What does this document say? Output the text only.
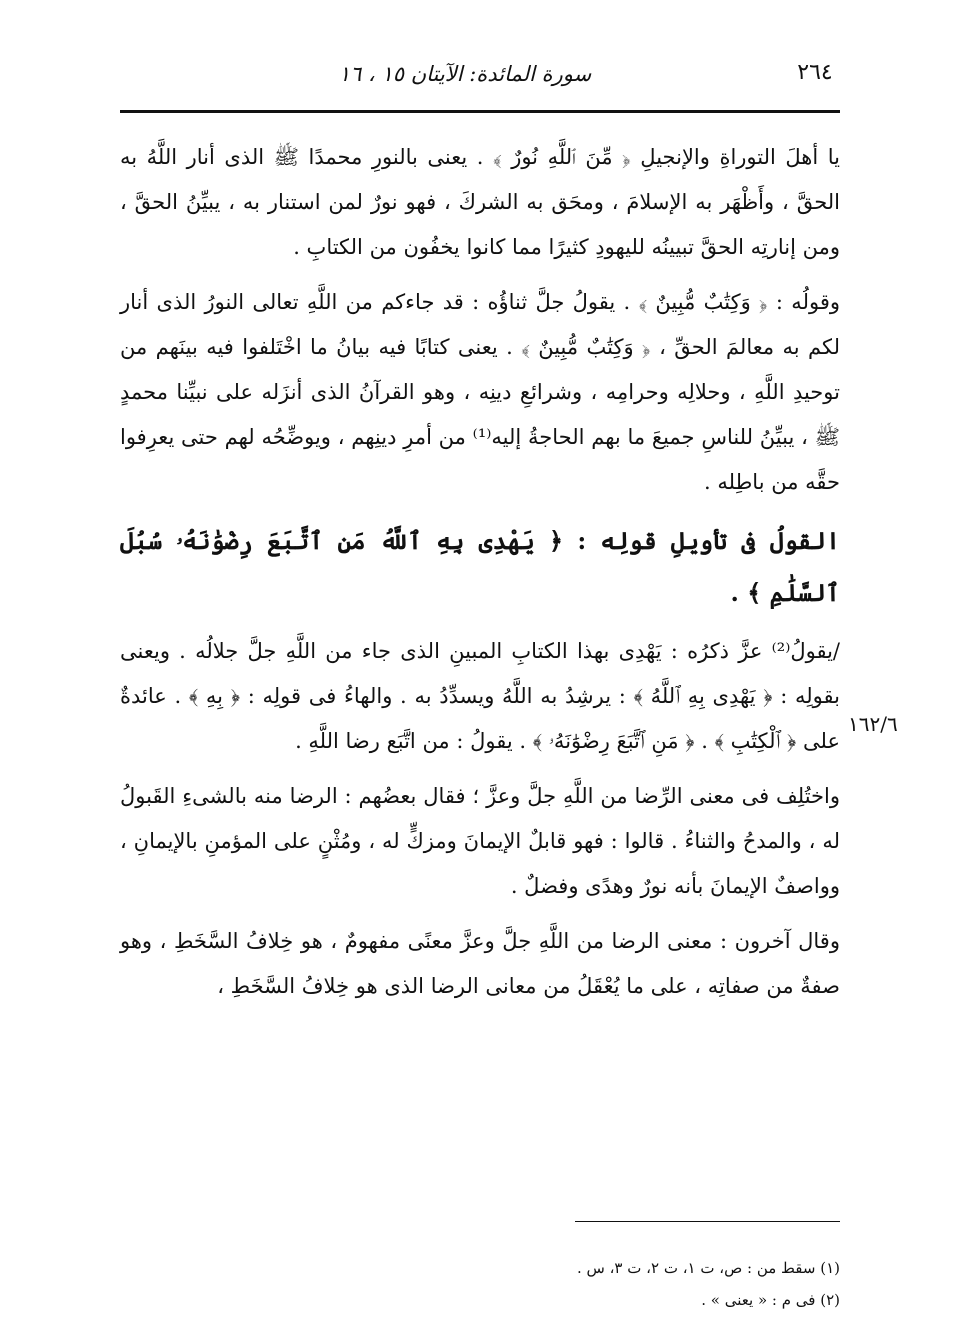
٢٦٤
سورة المائدة: الآيتان ١٥ ، ١٦

يا أهلَ التوراةِ والإنجيلِ ﴿ مِّنَ ٱللَّهِ نُورٌ ﴾ . يعنى بالنورِ محمدًا ﷺ الذى أنار اللَّهُ به الحقَّ ، وأَظْهَر به الإسلامَ ، ومحَق به الشركَ ، فهو نورٌ لمن استنار به ، يبيِّنُ الحقَّ ، ومن إنارتِه الحقَّ تبيينُه لليهودِ كثيرًا مما كانوا يخفُون من الكتابِ .

وقولُه : ﴿ وَكِتَٰبٌ مُّبِينٌ ﴾ . يقولُ جلَّ ثناؤُه : قد جاءكم من اللَّهِ تعالى النورُ الذى أنار لكم به معالمَ الحقِّ ، ﴿ وَكِتَٰبٌ مُّبِينٌ ﴾ . يعنى كتابًا فيه بيانُ ما اخْتَلفوا فيه بينَهم من توحيدِ اللَّهِ ، وحلالِه وحرامِه ، وشرائعِ دينِه ، وهو القرآنُ الذى أنزَله على نبيِّنا محمدٍ ﷺ ، يبيِّنُ للناسِ جميعَ ما بهم الحاجةُ إليه⁽¹⁾ من أمرِ دينِهم ، ويوضِّحُه لهم حتى يعرِفوا حقَّه من باطِله .

القولُ فى تأويلِ قولِه : ﴿ يَهْدِى بِهِ ٱللَّهُ مَنِ ٱتَّبَعَ رِضْوَٰنَهُۥ سُبُلَ ٱلسَّلَٰمِ ﴾ .

/يقولُ⁽²⁾ عزَّ ذكرُه : يَهْدِى بهذا الكتابِ المبينِ الذى جاء من اللَّهِ جلَّ جلالُه . ويعنى بقولِه : ﴿ يَهْدِى بِهِ ٱللَّهُ ﴾ : يرشِدُ به اللَّهُ ويسدِّدُ به . والهاءُ فى قولِه : ﴿ بِهِ ﴾ . عائدةٌ على ﴿ ٱلْكِتَٰبِ ﴾ . ﴿ مَنِ ٱتَّبَعَ رِضْوَٰنَهُۥ ﴾ . يقولُ : من اتَّبَع رضا اللَّهِ .

واختُلِف فى معنى الرِّضا من اللَّهِ جلَّ وعزَّ ؛ فقال بعضُهم : الرضا منه بالشىءِ القَبولُ له ، والمدحُ والثناءُ . قالوا : فهو قابلٌ الإيمانَ ومزكٍّ له ، ومُثْنٍ على المؤمنِ بالإيمانِ ، وواصفٌ الإيمانَ بأنه نورٌ وهدًى وفضلٌ .

وقال آخرون : معنى الرضا من اللَّهِ جلَّ وعزَّ معنًى مفهومٌ ، هو خِلافُ السَّخَطِ ، وهو صفةٌ من صفاتِه ، على ما يُعْقَلُ من معانى الرضا الذى هو خِلافُ السَّخَطِ ،

١٦٢/٦
(١) سقط من : ص، ت ١، ت ٢، ت ٣، س .
(٢) فى م : « يعنى » .
